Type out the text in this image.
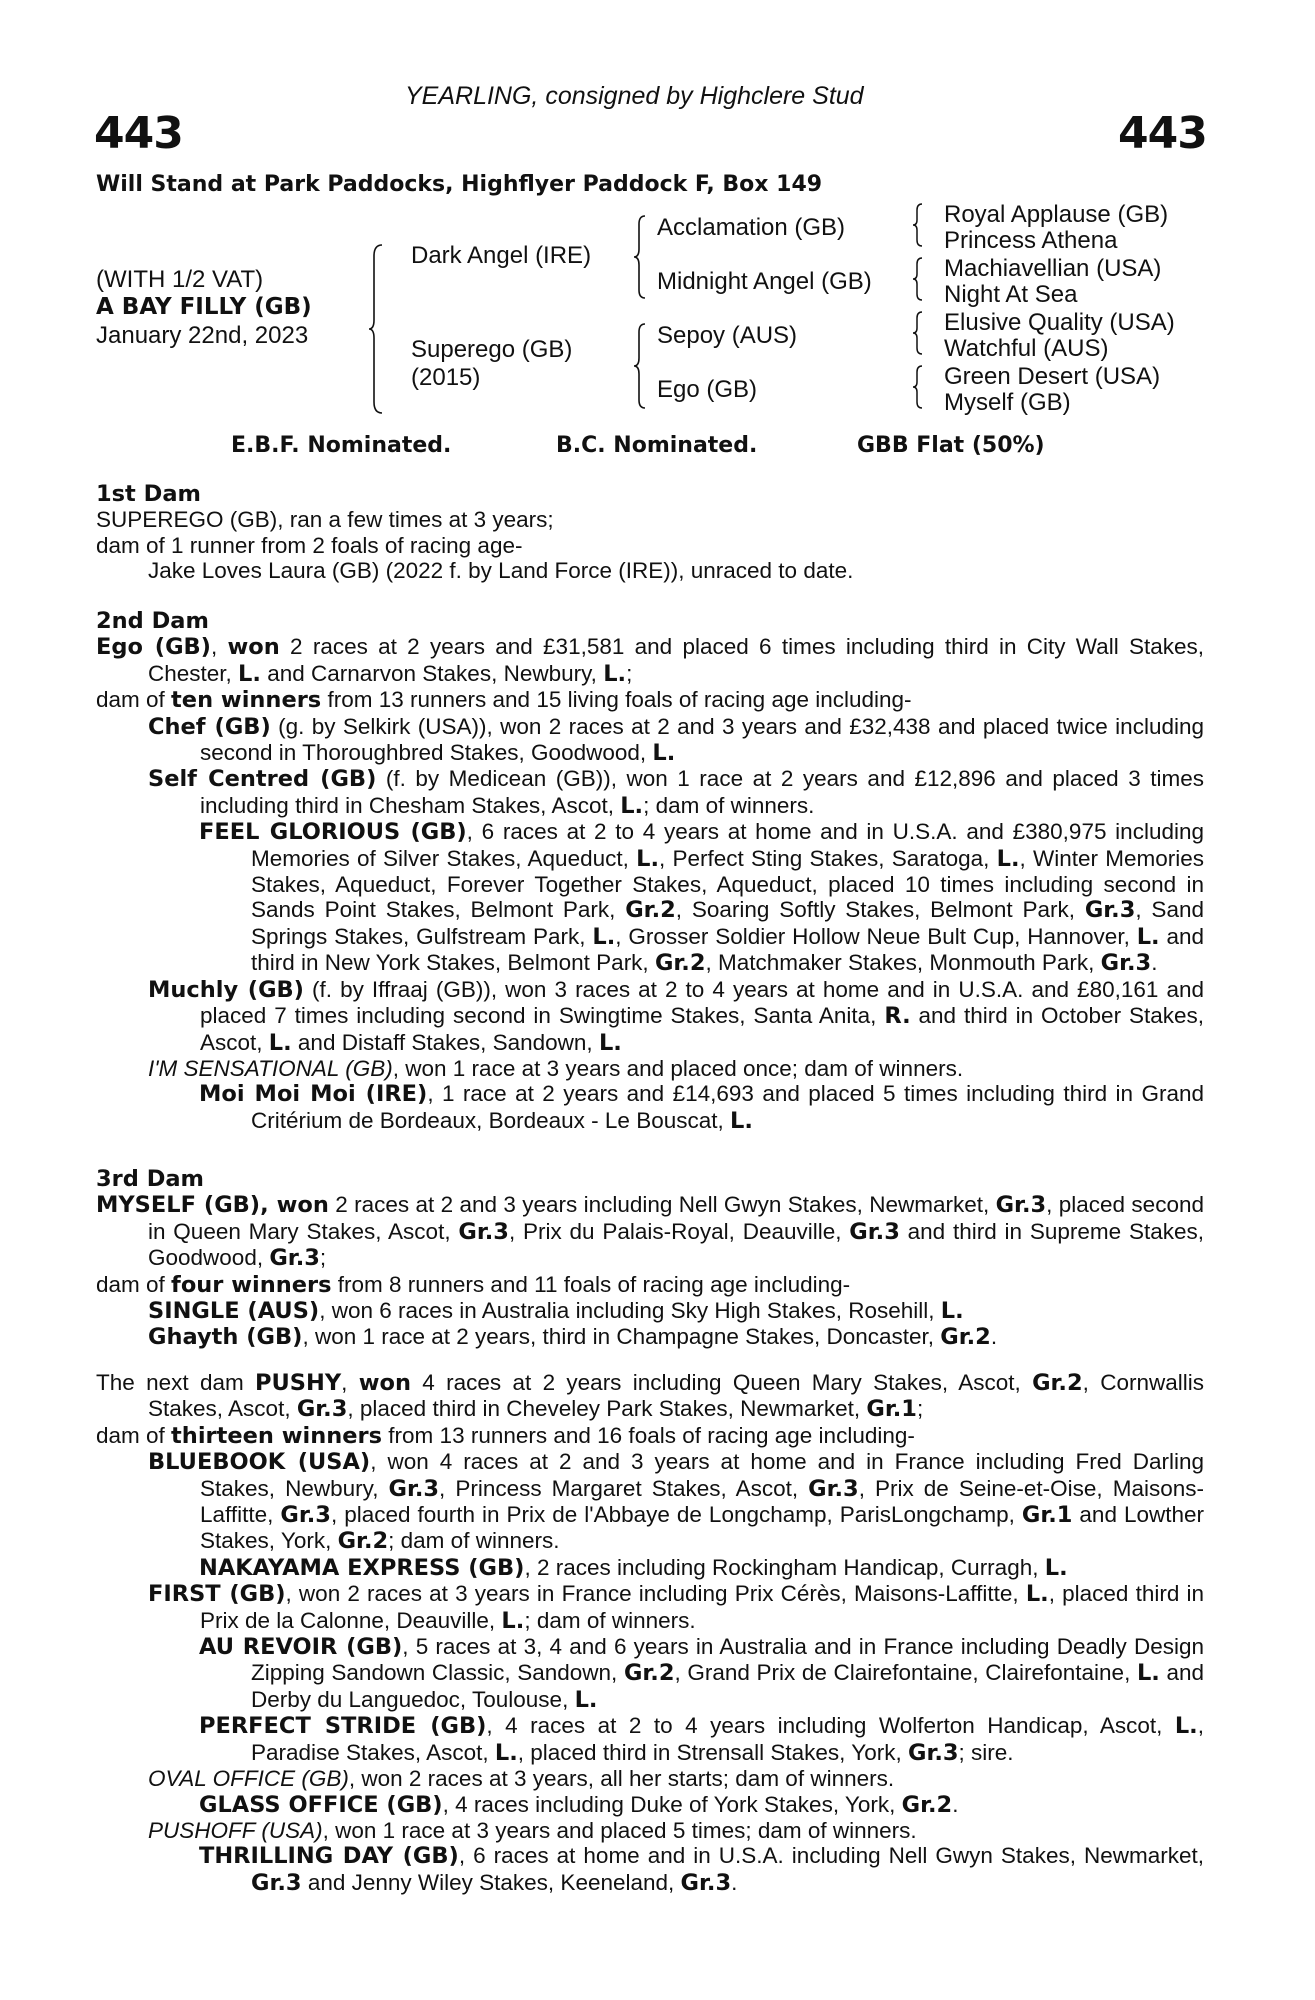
YEARLING, consigned by Highclere Stud
443	443
Will Stand at Park Paddocks, Highflyer Paddock F, Box 149
(WITH 1/2 VAT)
A BAY FILLY (GB)
January 22nd, 2023
Dark Angel (IRE)
Superego (GB)
(2015)
Acclamation (GB)
Midnight Angel (GB)
Sepoy (AUS)
Ego (GB)
Royal Applause (GB)
Princess Athena
Machiavellian (USA)
Night At Sea
Elusive Quality (USA)
Watchful (AUS)
Green Desert (USA)
Myself (GB)
E.B.F. Nominated.	B.C. Nominated.	GBB Flat (50%)

1st Dam

SUPEREGO (GB), ran a few times at 3 years;

dam of 1 runner from 2 foals of racing age-

Jake Loves Laura (GB) (2022 f. by Land Force (IRE)), unraced to date.

2nd Dam

Ego (GB), won 2 races at 2 years and £31,581 and placed 6 times including third in City Wall Stakes, Chester, L. and Carnarvon Stakes, Newbury, L.;

dam of ten winners from 13 runners and 15 living foals of racing age including-

Chef (GB) (g. by Selkirk (USA)), won 2 races at 2 and 3 years and £32,438 and placed twice including second in Thoroughbred Stakes, Goodwood, L.

Self Centred (GB) (f. by Medicean (GB)), won 1 race at 2 years and £12,896 and placed 3 times including third in Chesham Stakes, Ascot, L.; dam of winners.

FEEL GLORIOUS (GB), 6 races at 2 to 4 years at home and in U.S.A. and £380,975 including Memories of Silver Stakes, Aqueduct, L., Perfect Sting Stakes, Saratoga, L., Winter Memories Stakes, Aqueduct, Forever Together Stakes, Aqueduct, placed 10 times including second in Sands Point Stakes, Belmont Park, Gr.2, Soaring Softly Stakes, Belmont Park, Gr.3, Sand Springs Stakes, Gulfstream Park, L., Grosser Soldier Hollow Neue Bult Cup, Hannover, L. and third in New York Stakes, Belmont Park, Gr.2, Matchmaker Stakes, Monmouth Park, Gr.3.

Muchly (GB) (f. by Iffraaj (GB)), won 3 races at 2 to 4 years at home and in U.S.A. and £80,161 and placed 7 times including second in Swingtime Stakes, Santa Anita, R. and third in October Stakes, Ascot, L. and Distaff Stakes, Sandown, L.

I'M SENSATIONAL (GB), won 1 race at 3 years and placed once; dam of winners.

Moi Moi Moi (IRE), 1 race at 2 years and £14,693 and placed 5 times including third in Grand Critérium de Bordeaux, Bordeaux - Le Bouscat, L.

3rd Dam

MYSELF (GB), won 2 races at 2 and 3 years including Nell Gwyn Stakes, Newmarket, Gr.3, placed second in Queen Mary Stakes, Ascot, Gr.3, Prix du Palais-Royal, Deauville, Gr.3 and third in Supreme Stakes, Goodwood, Gr.3;

dam of four winners from 8 runners and 11 foals of racing age including-

SINGLE (AUS), won 6 races in Australia including Sky High Stakes, Rosehill, L.

Ghayth (GB), won 1 race at 2 years, third in Champagne Stakes, Doncaster, Gr.2.

The next dam PUSHY, won 4 races at 2 years including Queen Mary Stakes, Ascot, Gr.2, Cornwallis Stakes, Ascot, Gr.3, placed third in Cheveley Park Stakes, Newmarket, Gr.1;

dam of thirteen winners from 13 runners and 16 foals of racing age including-

BLUEBOOK (USA), won 4 races at 2 and 3 years at home and in France including Fred Darling Stakes, Newbury, Gr.3, Princess Margaret Stakes, Ascot, Gr.3, Prix de Seine-et-Oise, Maisons-Laffitte, Gr.3, placed fourth in Prix de l'Abbaye de Longchamp, ParisLongchamp, Gr.1 and Lowther Stakes, York, Gr.2; dam of winners.

NAKAYAMA EXPRESS (GB), 2 races including Rockingham Handicap, Curragh, L.

FIRST (GB), won 2 races at 3 years in France including Prix Cérès, Maisons-Laffitte, L., placed third in Prix de la Calonne, Deauville, L.; dam of winners.

AU REVOIR (GB), 5 races at 3, 4 and 6 years in Australia and in France including Deadly Design Zipping Sandown Classic, Sandown, Gr.2, Grand Prix de Clairefontaine, Clairefontaine, L. and Derby du Languedoc, Toulouse, L.

PERFECT STRIDE (GB), 4 races at 2 to 4 years including Wolferton Handicap, Ascot, L., Paradise Stakes, Ascot, L., placed third in Strensall Stakes, York, Gr.3; sire.

OVAL OFFICE (GB), won 2 races at 3 years, all her starts; dam of winners.

GLASS OFFICE (GB), 4 races including Duke of York Stakes, York, Gr.2.

PUSHOFF (USA), won 1 race at 3 years and placed 5 times; dam of winners.

THRILLING DAY (GB), 6 races at home and in U.S.A. including Nell Gwyn Stakes, Newmarket, Gr.3 and Jenny Wiley Stakes, Keeneland, Gr.3.
